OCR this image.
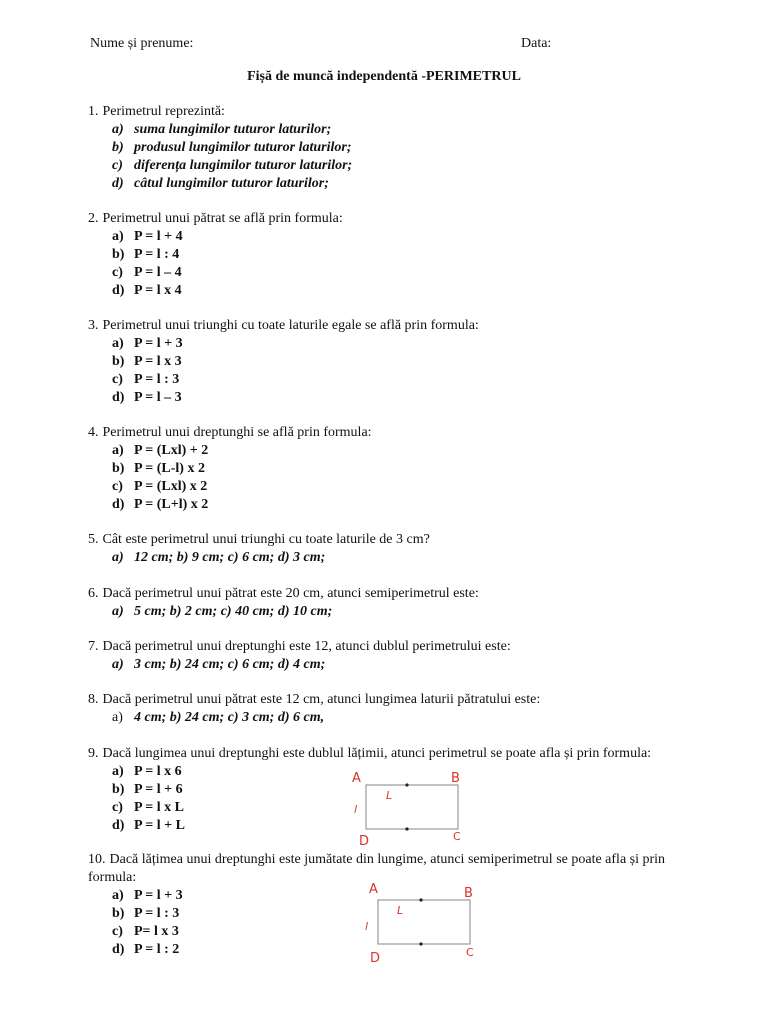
Nume și prenume:	Data:
Fișă de muncă independentă -PERIMETRUL
1. Perimetrul reprezintă:
a) suma lungimilor tuturor laturilor;
b) produsul lungimilor tuturor laturilor;
c) diferența lungimilor tuturor laturilor;
d) câtul lungimilor tuturor laturilor;
2. Perimetrul unui pătrat se află prin formula:
a) P = l + 4
b) P = l : 4
c) P = l – 4
d) P = l x 4
3. Perimetrul unui triunghi cu toate laturile egale se află prin formula:
a) P = l + 3
b) P = l x 3
c) P = l : 3
d) P = l – 3
4. Perimetrul unui dreptunghi se află prin formula:
a) P = (Lxl) + 2
b) P = (L-l) x 2
c) P = (Lxl) x 2
d) P = (L+l) x 2
5. Cât este perimetrul unui triunghi cu toate laturile de 3 cm?
a) 12 cm; b) 9 cm; c) 6 cm; d) 3 cm;
6. Dacă perimetrul unui pătrat este 20 cm, atunci semiperimetrul este:
a) 5 cm; b) 2 cm; c) 40 cm; d) 10 cm;
7. Dacă perimetrul unui dreptunghi este 12, atunci dublul perimetrului este:
a) 3 cm; b) 24 cm; c) 6 cm; d) 4 cm;
8. Dacă perimetrul unui pătrat este 12 cm, atunci lungimea laturii pătratului este:
a) 4 cm; b) 24 cm; c) 3 cm; d) 6 cm,
9. Dacă lungimea unui dreptunghi este dublul lățimii, atunci perimetrul se poate afla și prin formula:
a) P = l x 6
b) P = l + 6
c) P = l x L
d) P = l + L
A	B
C
D
L
l
10. Dacă lățimea unui dreptunghi este jumătate din lungime, atunci semiperimetrul se poate afla și prin formula:
a) P = l + 3
b) P = l : 3
c) P= l x 3
d) P = l : 2
A	B
C
D
L
l
